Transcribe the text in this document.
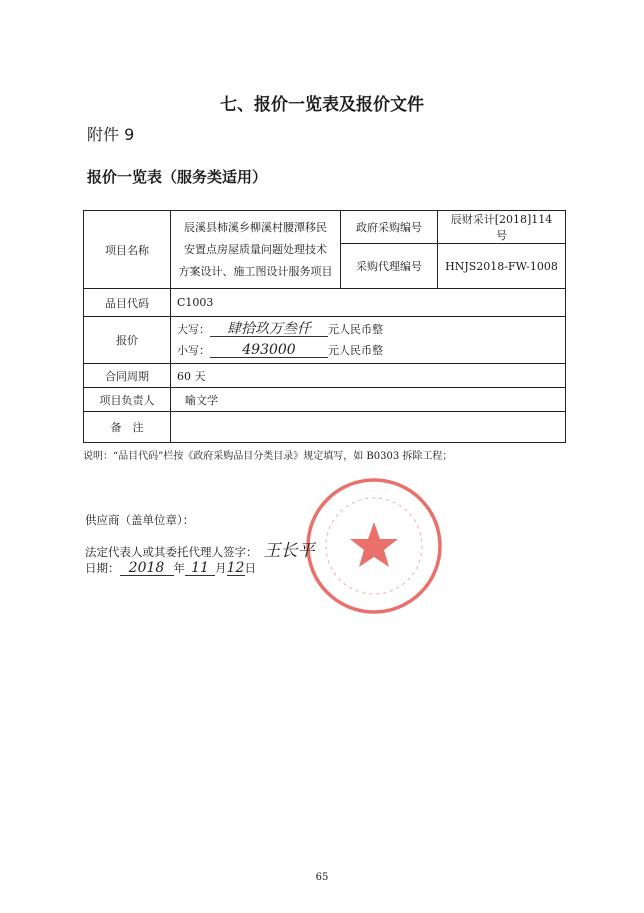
七、报价一览表及报价文件
附件 9
报价一览表（服务类适用）
项目名称	辰溪县柿溪乡柳溪村腰潭移民
安置点房屋质量问题处理技术
方案设计、施工图设计服务项目	政府采购编号	辰财采计[2018]114 号
		采购代理编号	HNJS2018-FW-1008
品目代码	C1003		
报价	大写： 肆拾玖万叁仟 元人民币整
小写： 493000 元人民币整		

合同周期	60 天		
项目负责人	喻文学		
备　注			
说明：“品目代码”栏按《政府采购品目分类目录》规定填写，如 B0303 拆除工程；
供应商（盖单位章）：
法定代表人或其委托代理人签字： 王长平
日期： 2018 年 11 月12日
65
